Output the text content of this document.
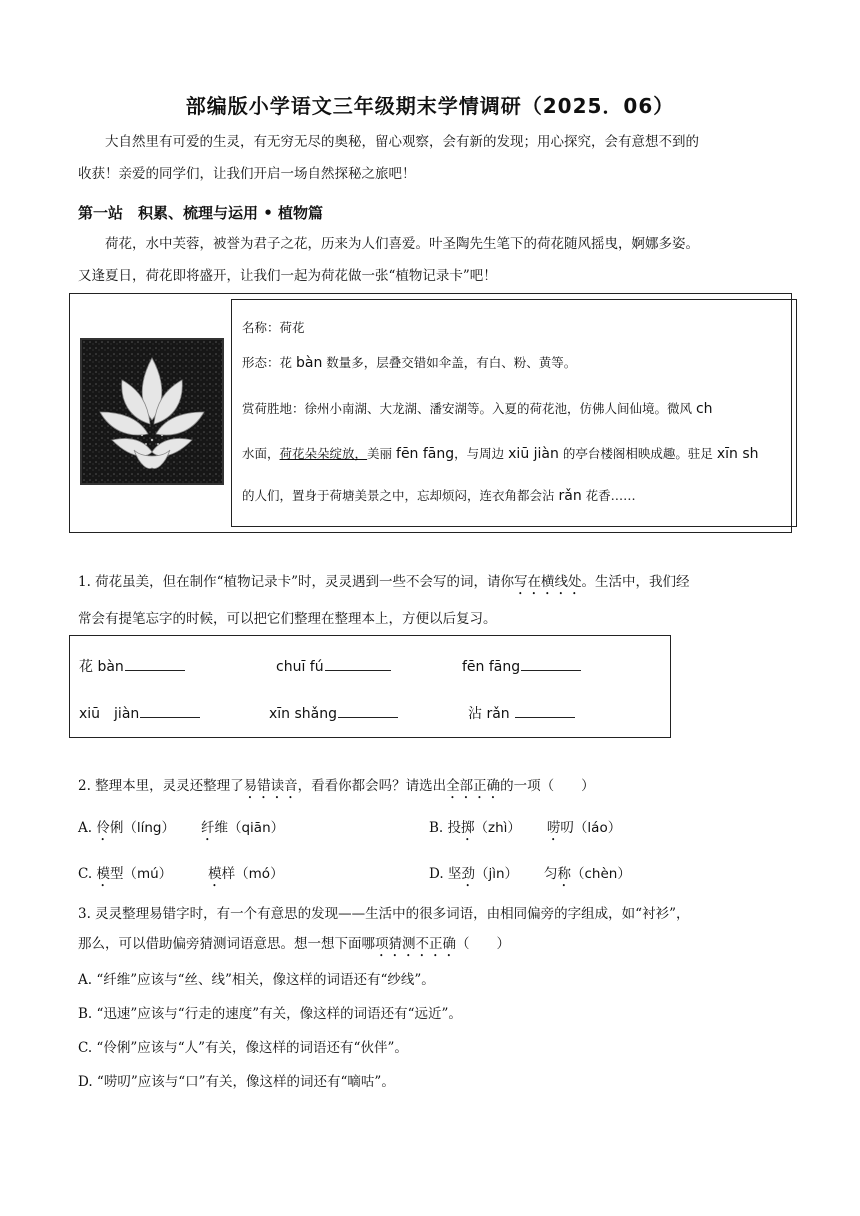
部编版小学语文三年级期末学情调研（2025．06）
大自然里有可爱的生灵，有无穷无尽的奥秘，留心观察，会有新的发现；用心探究，会有意想不到的
收获！亲爱的同学们，让我们开启一场自然探秘之旅吧！
第一站　积累、梳理与运用 • 植物篇
荷花，水中芙蓉，被誉为君子之花，历来为人们喜爱。叶圣陶先生笔下的荷花随风摇曳，婀娜多姿。
又逢夏日，荷花即将盛开，让我们一起为荷花做一张“植物记录卡”吧！
名称：荷花
形态：花 bàn 数量多，层叠交错如伞盖，有白、粉、黄等。
赏荷胜地：徐州小南湖、大龙湖、潘安湖等。入夏的荷花池，仿佛人间仙境。微风 ch
水面，荷花朵朵绽放，美丽 fēn fāng，与周边 xiū jiàn 的亭台楼阁相映成趣。驻足 xīn sh
的人们，置身于荷塘美景之中，忘却烦闷，连衣角都会沾 rǎn 花香……
1. 荷花虽美，但在制作“植物记录卡”时，灵灵遇到一些不会写的词，请你写在横线处。生活中，我们经
常会有提笔忘字的时候，可以把它们整理在整理本上，方便以后复习。
花 bàn	chuī fú	fēn fāng
xiū　jiàn	xīn shǎng	沾 rǎn
2. 整理本里，灵灵还整理了易错读音，看看你都会吗？请选出全部正确的一项（　　）
A. 伶俐（líng） 纤维（qiān）	B. 投掷（zhì） 唠叨（láo）
C. 模型（mú）	模样（mó）	D. 坚劲（jìn） 匀称（chèn）
3. 灵灵整理易错字时，有一个有意思的发现——生活中的很多词语，由相同偏旁的字组成，如“衬衫”，
那么，可以借助偏旁猜测词语意思。想一想下面哪项猜测不正确（　　）
A. “纤维”应该与“丝、线”相关，像这样的词语还有“纱线”。
B. “迅速”应该与“行走的速度”有关，像这样的词语还有“远近”。
C. “伶俐”应该与“人”有关，像这样的词语还有“伙伴”。
D. “唠叨”应该与“口”有关，像这样的词还有“嘀咕”。
